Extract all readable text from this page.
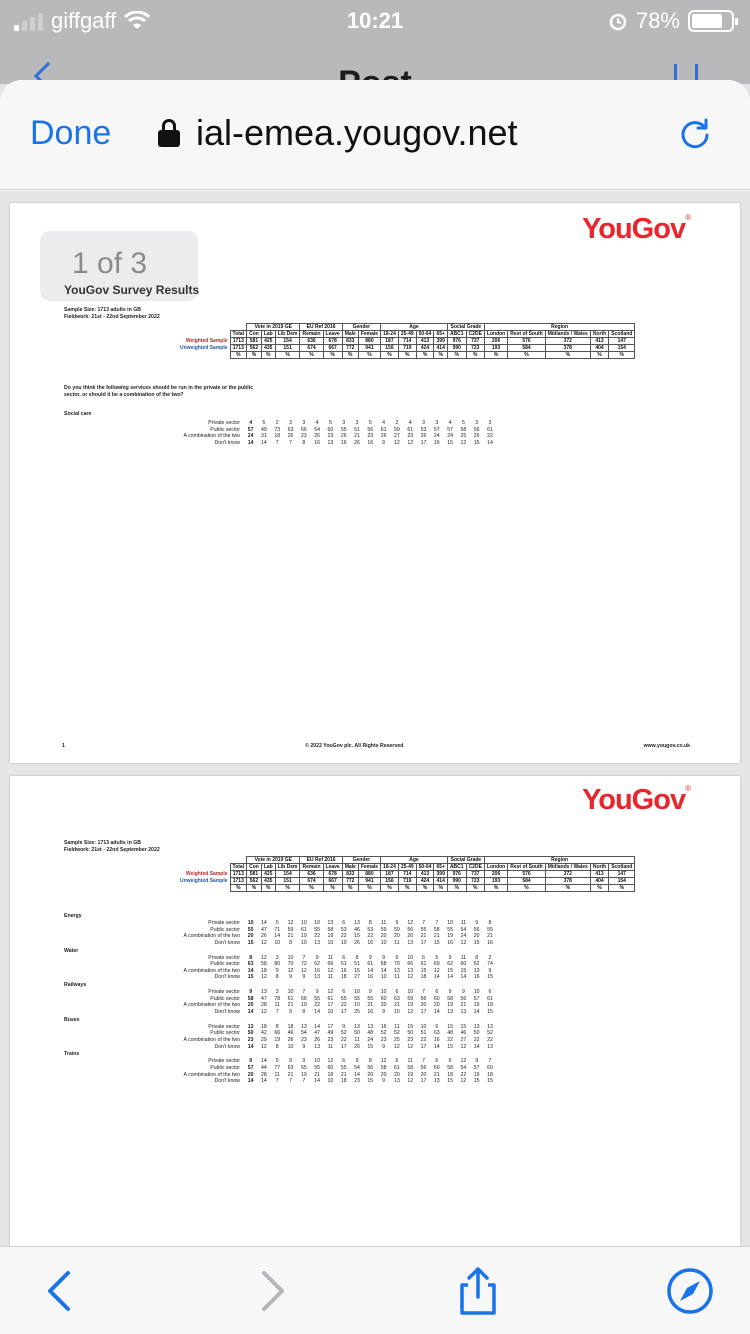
giffgaff	10:21	78%
Done ial-emea.yougov.net
YouGov®
1 of 3
YouGov Survey Results
Sample Size: 1713 adults in GB
Fieldwork: 21st - 22nd September 2022
		Vote in 2019 GE			EU Ref 2016		Gender		Age				Social Grade		Region				
	Total	Con	Lab	Lib Dem	Remain	Leave	Male	Female	18-24	25-49	50-64	65+	ABC1	C2DE	London	Rest of South	Midlands / Wales	North	Scotland
Weighted Sample	1713	581	425	154	636	678	833	880	187	714	413	399	976	737	206	576	372	413	147
Unweighted Sample	1713	562	435	151	674	667	772	941	156	719	424	414	990	723	193	584	378	404	154
	%	%	%	%	%	%	%	%	%	%	%	%	%	%	%	%	%	%	%
Do you think the following services should be run in the private or the public sector, or should it be a combination of the two?
Social care
Private sector	4	5	2	3	3	4	5	3	3	5	4	2	4	3	3	4	5	3	3
Public sector	57	49	73	63	66	54	60	55	51	56	61	59	61	53	57	57	58	56	61
A combination of the two	24	31	18	26	23	26	23	26	21	23	26	27	23	26	24	24	25	26	22
Don't know	14	14	7	7	8	16	13	16	26	16	9	12	12	17	16	15	12	15	14
1	© 2022 YouGov plc. All Rights Reserved	www.yougov.co.uk
YouGov®
Sample Size: 1713 adults in GB
Fieldwork: 21st - 22nd September 2022
		Vote in 2019 GE			EU Ref 2016		Gender		Age				Social Grade		Region				
	Total	Con	Lab	Lib Dem	Remain	Leave	Male	Female	18-24	25-49	50-64	65+	ABC1	C2DE	London	Rest of South	Midlands / Wales	North	Scotland
Weighted Sample	1713	581	425	154	636	678	833	880	187	714	413	399	976	737	206	576	372	413	147
Unweighted Sample	1713	562	435	151	674	667	772	941	156	719	424	414	990	723	193	584	378	404	154
	%	%	%	%	%	%	%	%	%	%	%	%	%	%	%	%	%	%	%
Energy
Private sector	10	14	5	12	10	10	13	6	13	8	11	9	12	7	7	10	11	9	8
Public sector	55	47	71	59	61	55	58	53	46	53	59	59	56	55	58	55	54	56	55
A combination of the two	20	26	14	21	19	22	19	22	15	22	20	20	20	21	21	19	24	20	21
Don't know	15	12	10	8	10	13	10	19	26	16	10	11	13	17	15	16	12	15	16
Water
Private sector	8	12	3	10	7	9	11	6	8	9	9	6	10	6	5	9	11	8	2
Public sector	63	58	80	70	72	62	66	61	51	61	68	70	66	61	69	62	60	62	74
A combination of the two	14	18	9	12	12	16	12	16	15	14	14	13	13	15	12	15	15	13	9
Don't know	15	12	8	9	9	13	11	18	27	16	10	11	12	18	14	14	14	16	15
Railways
Private sector	9	13	3	10	7	9	12	6	10	9	10	6	10	7	6	9	9	10	6
Public sector	58	47	78	61	66	55	61	55	55	55	60	63	59	56	60	58	56	57	61
A combination of the two	20	28	11	21	19	22	17	22	10	21	20	21	19	20	20	19	21	19	18
Don't know	14	12	7	9	8	14	10	17	25	16	9	10	12	17	14	13	13	14	15
Buses
Private sector	13	18	8	18	13	14	17	9	13	13	16	11	15	10	6	15	15	13	13
Public sector	50	42	66	46	54	47	49	52	50	48	52	52	50	51	63	48	46	50	52
A combination of the two	23	29	19	26	23	26	23	22	11	24	23	25	23	22	16	22	27	22	22
Don't know	14	12	8	10	9	13	11	17	26	15	9	12	12	17	14	15	12	14	13
Trains
Private sector	9	14	5	9	9	10	12	6	9	8	12	6	11	7	6	6	12	9	7
Public sector	57	44	77	63	65	55	60	55	54	56	58	61	58	56	60	58	54	57	60
A combination of the two	20	28	11	21	19	21	18	21	14	20	20	20	19	20	21	18	22	19	18
Don't know	14	14	7	7	7	14	10	18	23	15	9	13	12	17	13	15	12	15	15
